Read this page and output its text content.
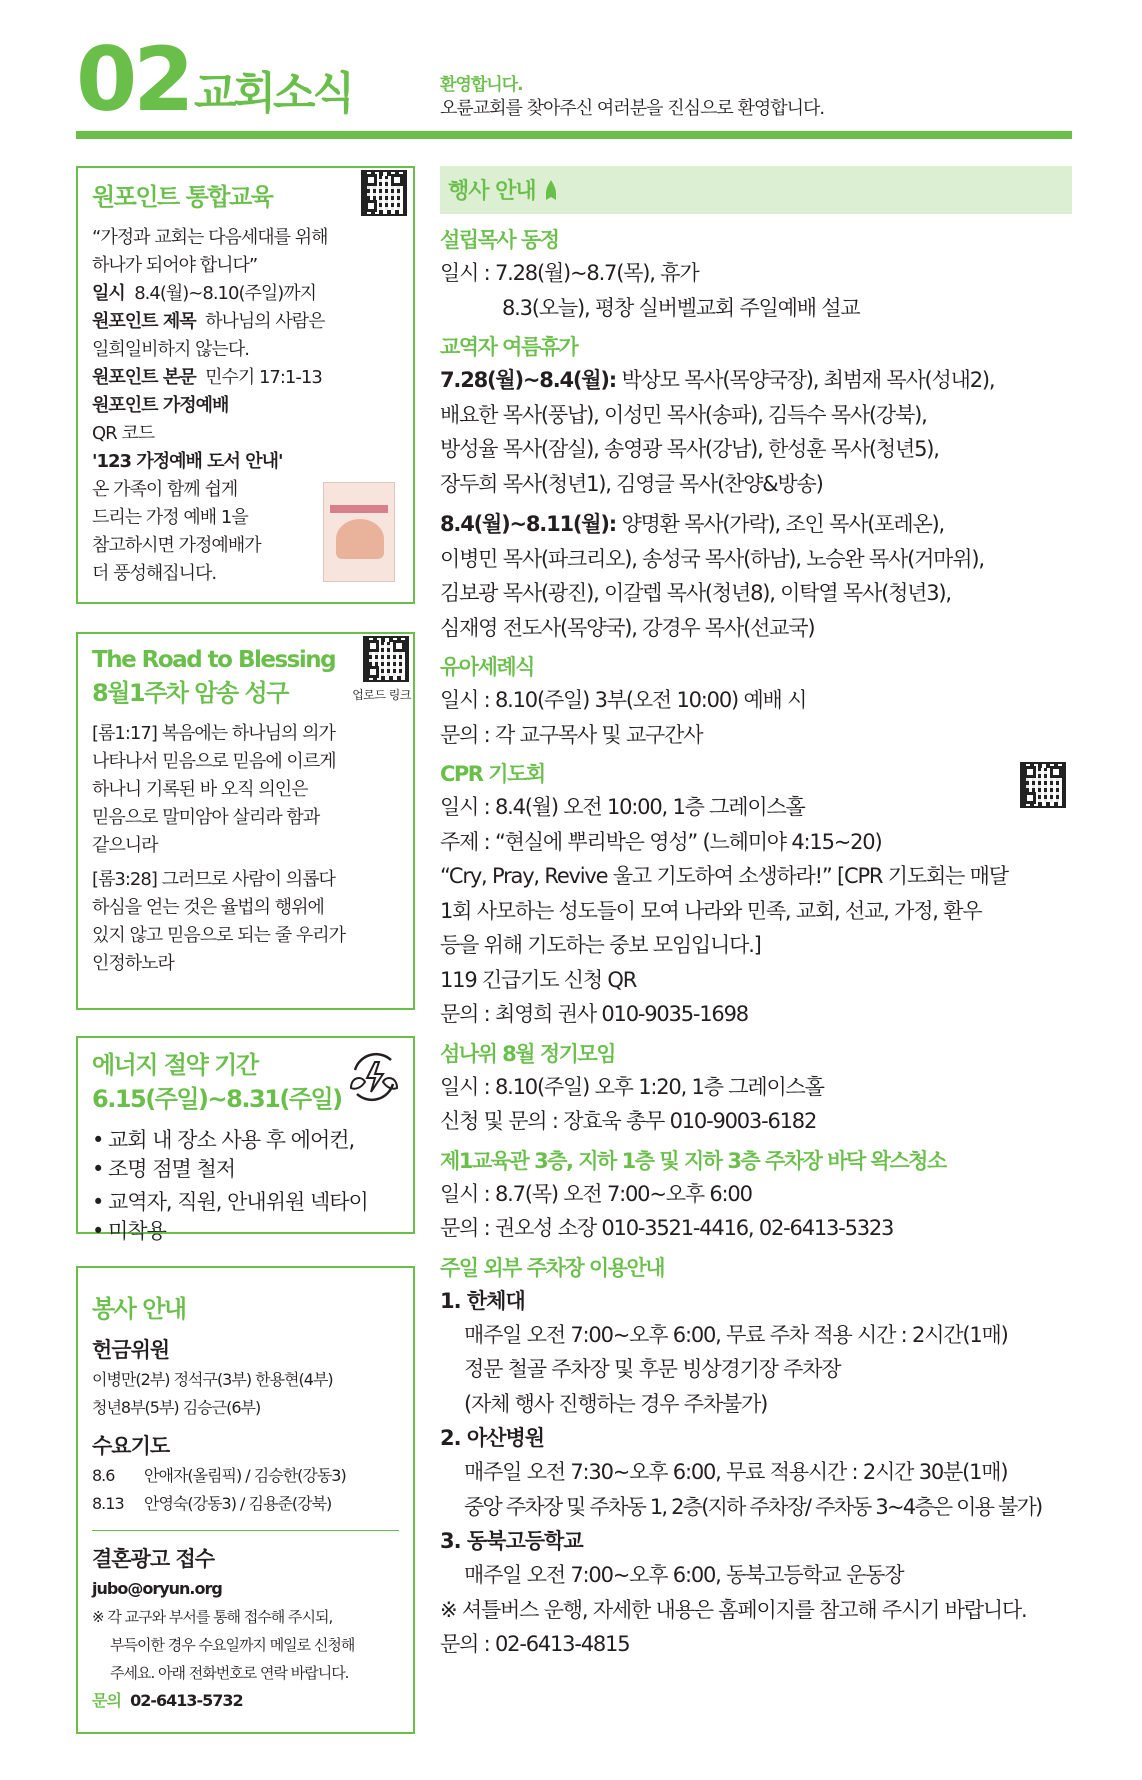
02 교회소식	환영합니다.
오륜교회를 찾아주신 여러분을 진심으로 환영합니다.
원포인트 통합교육
“가정과 교회는 다음세대를 위해
하나가 되어야 합니다”
일시 8.4(월)~8.10(주일)까지
원포인트 제목 하나님의 사람은
일희일비하지 않는다.
원포인트 본문 민수기 17:1-13
원포인트 가정예배
QR 코드
'123 가정예배 도서 안내'
온 가족이 함께 쉽게
드리는 가정 예배 1을
참고하시면 가정예배가
더 풍성해집니다.
업로드 링크
The Road to Blessing
8월1주차 암송 성구
[롬1:17] 복음에는 하나님의 의가
나타나서 믿음으로 믿음에 이르게
하나니 기록된 바 오직 의인은
믿음으로 말미암아 살리라 함과
같으니라
[롬3:28] 그러므로 사람이 의롭다
하심을 얻는 것은 율법의 행위에
있지 않고 믿음으로 되는 줄 우리가
인정하노라
에너지 절약 기간
6.15(주일)~8.31(주일)
• 교회 내 장소 사용 후 에어컨,
• 조명 점멸 철저
• 교역자, 직원, 안내위원 넥타이
• 미착용
봉사 안내
헌금위원
이병만(2부) 정석구(3부) 한용현(4부)
청년8부(5부) 김승근(6부)
수요기도
8.6 안애자(올림픽) / 김승한(강동3)
8.13 안영숙(강동3) / 김용준(강북)
결혼광고 접수
jubo@oryun.org
※ 각 교구와 부서를 통해 접수해 주시되,
부득이한 경우 수요일까지 메일로 신청해
주세요. 아래 전화번호로 연락 바랍니다.
문의 02-6413-5732
행사 안내
설립목사 동정
일시 : 7.28(월)~8.7(목), 휴가
8.3(오늘), 평창 실버벨교회 주일예배 설교
교역자 여름휴가
7.28(월)~8.4(월): 박상모 목사(목양국장), 최범재 목사(성내2),
배요한 목사(풍납), 이성민 목사(송파), 김득수 목사(강북),
방성율 목사(잠실), 송영광 목사(강남), 한성훈 목사(청년5),
장두희 목사(청년1), 김영글 목사(찬양&방송)
8.4(월)~8.11(월): 양명환 목사(가락), 조인 목사(포레온),
이병민 목사(파크리오), 송성국 목사(하남), 노승완 목사(거마위),
김보광 목사(광진), 이갈렙 목사(청년8), 이탁열 목사(청년3),
심재영 전도사(목양국), 강경우 목사(선교국)
유아세례식
일시 : 8.10(주일) 3부(오전 10:00) 예배 시
문의 : 각 교구목사 및 교구간사
CPR 기도회
일시 : 8.4(월) 오전 10:00, 1층 그레이스홀
주제 : “현실에 뿌리박은 영성” (느헤미야 4:15~20)
“Cry, Pray, Revive 울고 기도하여 소생하라!” [CPR 기도회는 매달
1회 사모하는 성도들이 모여 나라와 민족, 교회, 선교, 가정, 환우
등을 위해 기도하는 중보 모임입니다.]
119 긴급기도 신청 QR
문의 : 최영희 권사 010-9035-1698
섬나위 8월 정기모임
일시 : 8.10(주일) 오후 1:20, 1층 그레이스홀
신청 및 문의 : 장효욱 총무 010-9003-6182
제1교육관 3층, 지하 1층 및 지하 3층 주차장 바닥 왁스청소
일시 : 8.7(목) 오전 7:00~오후 6:00
문의 : 권오성 소장 010-3521-4416, 02-6413-5323
주일 외부 주차장 이용안내
1. 한체대
매주일 오전 7:00~오후 6:00, 무료 주차 적용 시간 : 2시간(1매)
정문 철골 주차장 및 후문 빙상경기장 주차장
(자체 행사 진행하는 경우 주차불가)
2. 아산병원
매주일 오전 7:30~오후 6:00, 무료 적용시간 : 2시간 30분(1매)
중앙 주차장 및 주차동 1, 2층(지하 주차장/ 주차동 3~4층은 이용 불가)
3. 동북고등학교
매주일 오전 7:00~오후 6:00, 동북고등학교 운동장
※ 셔틀버스 운행, 자세한 내용은 홈페이지를 참고해 주시기 바랍니다.
문의 : 02-6413-4815
